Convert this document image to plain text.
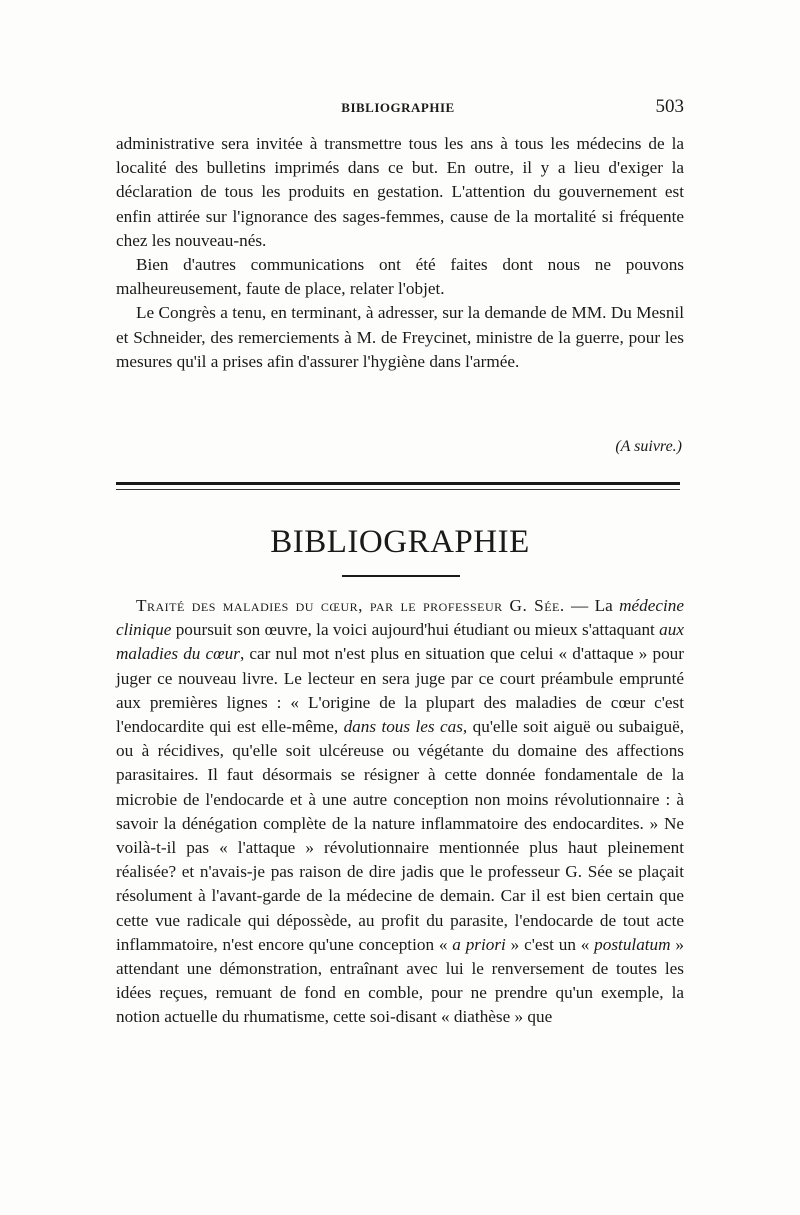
BIBLIOGRAPHIE	503

administrative sera invitée à transmettre tous les ans à tous les médecins de la localité des bulletins imprimés dans ce but. En outre, il y a lieu d'exiger la déclaration de tous les produits en gestation. L'attention du gouvernement est enfin attirée sur l'ignorance des sages-femmes, cause de la mortalité si fréquente chez les nouveau-nés.

Bien d'autres communications ont été faites dont nous ne pouvons malheureusement, faute de place, relater l'objet.

Le Congrès a tenu, en terminant, à adresser, sur la demande de MM. Du Mesnil et Schneider, des remerciements à M. de Freycinet, ministre de la guerre, pour les mesures qu'il a prises afin d'assurer l'hygiène dans l'armée.

(A suivre.)
BIBLIOGRAPHIE

Traité des maladies du cœur, par le professeur G. Sée. — La médecine clinique poursuit son œuvre, la voici aujourd'hui étudiant ou mieux s'attaquant aux maladies du cœur, car nul mot n'est plus en situation que celui « d'attaque » pour juger ce nouveau livre. Le lecteur en sera juge par ce court préambule emprunté aux premières lignes : « L'origine de la plupart des maladies de cœur c'est l'endocardite qui est elle-même, dans tous les cas, qu'elle soit aiguë ou subaiguë, ou à récidives, qu'elle soit ulcéreuse ou végétante du domaine des affections parasitaires. Il faut désormais se résigner à cette donnée fondamentale de la microbie de l'endocarde et à une autre conception non moins révolutionnaire : à savoir la dénégation complète de la nature inflammatoire des endocardites. » Ne voilà-t-il pas « l'attaque » révolutionnaire mentionnée plus haut pleinement réalisée? et n'avais-je pas raison de dire jadis que le professeur G. Sée se plaçait résolument à l'avant-garde de la médecine de demain. Car il est bien certain que cette vue radicale qui dépossède, au profit du parasite, l'endocarde de tout acte inflammatoire, n'est encore qu'une conception « a priori » c'est un « postulatum » attendant une démonstration, entraînant avec lui le renversement de toutes les idées reçues, remuant de fond en comble, pour ne prendre qu'un exemple, la notion actuelle du rhumatisme, cette soi-disant « diathèse » que
